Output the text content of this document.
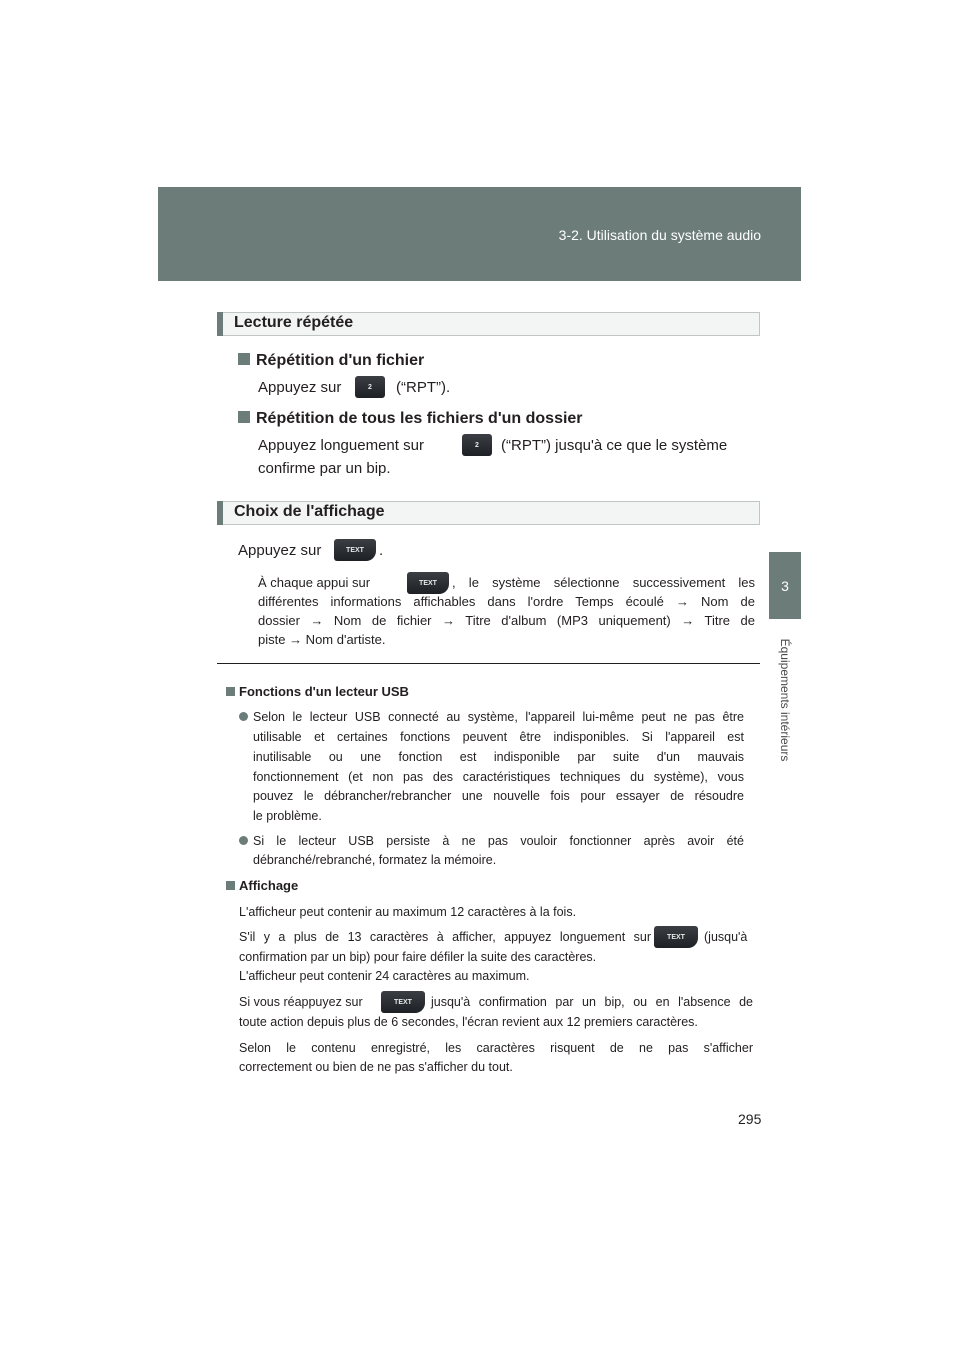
3-2. Utilisation du système audio
3
Équipements intérieurs
Lecture répétée
Répétition d'un fichier
Appuyez sur	2 (“RPT”).
Répétition de tous les fichiers d'un dossier
Appuyez longuement sur	2 (“RPT”) jusqu'à ce que le système
confirme par un bip.
Choix de l'affichage
Appuyez sur	TEXT .
À chaque appui sur	TEXT , le système sélectionne successivement les
différentes informations affichables dans l'ordre Temps écoulé → Nom de
dossier → Nom de fichier → Titre d'album (MP3 uniquement) → Titre de
piste → Nom d'artiste.
Fonctions d'un lecteur USB
Selon le lecteur USB connecté au système, l'appareil lui-même peut ne pas être
utilisable et certaines fonctions peuvent être indisponibles. Si l'appareil est
inutilisable ou une fonction est indisponible par suite d'un mauvais
fonctionnement (et non pas des caractéristiques techniques du système), vous
pouvez le débrancher/rebrancher une nouvelle fois pour essayer de résoudre
le problème.
Si le lecteur USB persiste à ne pas vouloir fonctionner après avoir été
débranché/rebranché, formatez la mémoire.
Affichage
L'afficheur peut contenir au maximum 12 caractères à la fois.
S'il y a plus de 13 caractères à afficher, appuyez longuement sur TEXT (jusqu'à
confirmation par un bip) pour faire défiler la suite des caractères.
L'afficheur peut contenir 24 caractères au maximum.
Si vous réappuyez sur	TEXT jusqu'à confirmation par un bip, ou en l'absence de
toute action depuis plus de 6 secondes, l'écran revient aux 12 premiers caractères.
Selon le contenu enregistré, les caractères risquent de ne pas s'afficher
correctement ou bien de ne pas s'afficher du tout.
295
